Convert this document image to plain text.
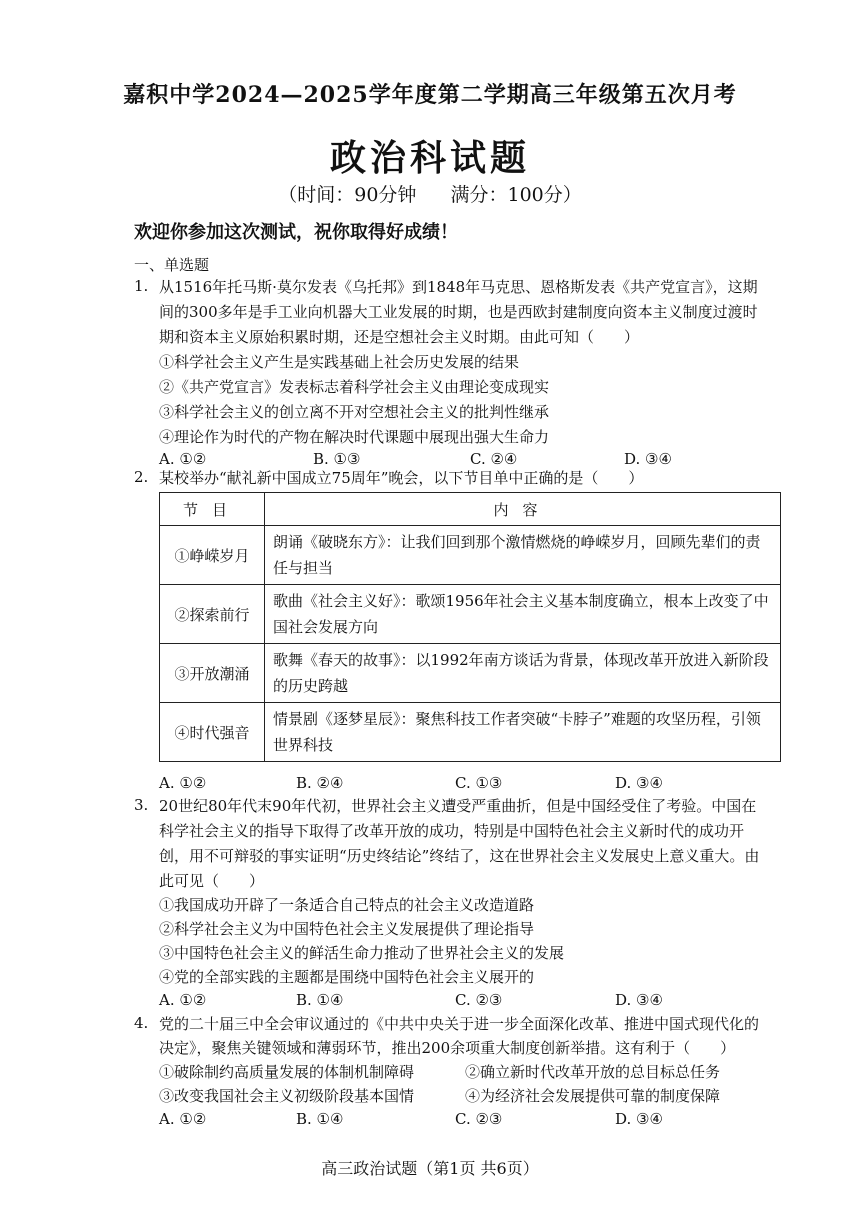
嘉积中学2024—2025学年度第二学期高三年级第五次月考
政治科试题
（时间：90分钟 满分：100分）
欢迎你参加这次测试，祝你取得好成绩！
一、单选题
1. 从1516年托马斯·莫尔发表《乌托邦》到1848年马克思、恩格斯发表《共产党宣言》，这期
间的300多年是手工业向机器大工业发展的时期，也是西欧封建制度向资本主义制度过渡时
期和资本主义原始积累时期，还是空想社会主义时期。由此可知（　　）
①科学社会主义产生是实践基础上社会历史发展的结果
②《共产党宣言》发表标志着科学社会主义由理论变成现实
③科学社会主义的创立离不开对空想社会主义的批判性继承
④理论作为时代的产物在解决时代课题中展现出强大生命力
A. ①②	B. ①③	C. ②④	D. ③④
2. 某校举办“献礼新中国成立75周年”晚会，以下节目单中正确的是（　　）
节目	内容
①峥嵘岁月	朗诵《破晓东方》：让我们回到那个激情燃烧的峥嵘岁月，回顾先辈们的责任与担当
②探索前行	歌曲《社会主义好》：歌颂1956年社会主义基本制度确立，根本上改变了中国社会发展方向
③开放潮涌	歌舞《春天的故事》：以1992年南方谈话为背景，体现改革开放进入新阶段的历史跨越
④时代强音	情景剧《逐梦星辰》：聚焦科技工作者突破“卡脖子”难题的攻坚历程，引领世界科技
A. ①②	B. ②④	C. ①③	D. ③④
3. 20世纪80年代末90年代初，世界社会主义遭受严重曲折，但是中国经受住了考验。中国在
科学社会主义的指导下取得了改革开放的成功，特别是中国特色社会主义新时代的成功开
创，用不可辩驳的事实证明“历史终结论”终结了，这在世界社会主义发展史上意义重大。由
此可见（　　）
①我国成功开辟了一条适合自己特点的社会主义改造道路
②科学社会主义为中国特色社会主义发展提供了理论指导
③中国特色社会主义的鲜活生命力推动了世界社会主义的发展
④党的全部实践的主题都是围绕中国特色社会主义展开的
A. ①②	B. ①④	C. ②③	D. ③④
4. 党的二十届三中全会审议通过的《中共中央关于进一步全面深化改革、推进中国式现代化的
决定》，聚焦关键领域和薄弱环节，推出200余项重大制度创新举措。这有利于（　　）
①破除制约高质量发展的体制机制障碍	②确立新时代改革开放的总目标总任务
③改变我国社会主义初级阶段基本国情	④为经济社会发展提供可靠的制度保障
A. ①②	B. ①④	C. ②③	D. ③④
高三政治试题（第1页 共6页）
